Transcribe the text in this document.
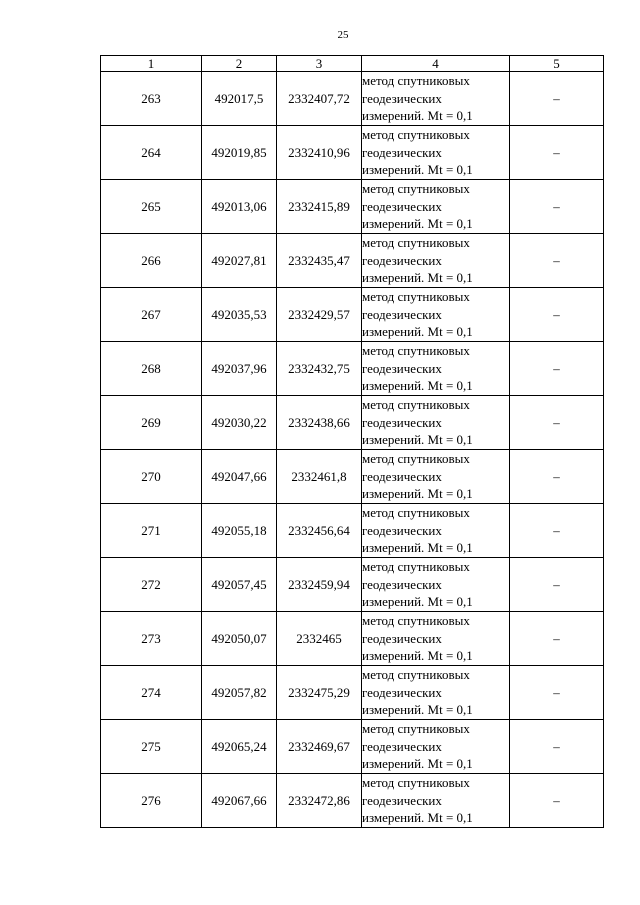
25
1	2	3	4	5
263	492017,5	2332407,72	метод спутниковых
геодезических
измерений. Mt = 0,1	–
264	492019,85	2332410,96	метод спутниковых
геодезических
измерений. Mt = 0,1	–
265	492013,06	2332415,89	метод спутниковых
геодезических
измерений. Mt = 0,1	–
266	492027,81	2332435,47	метод спутниковых
геодезических
измерений. Mt = 0,1	–
267	492035,53	2332429,57	метод спутниковых
геодезических
измерений. Mt = 0,1	–
268	492037,96	2332432,75	метод спутниковых
геодезических
измерений. Mt = 0,1	–
269	492030,22	2332438,66	метод спутниковых
геодезических
измерений. Mt = 0,1	–
270	492047,66	2332461,8	метод спутниковых
геодезических
измерений. Mt = 0,1	–
271	492055,18	2332456,64	метод спутниковых
геодезических
измерений. Mt = 0,1	–
272	492057,45	2332459,94	метод спутниковых
геодезических
измерений. Mt = 0,1	–
273	492050,07	2332465	метод спутниковых
геодезических
измерений. Mt = 0,1	–
274	492057,82	2332475,29	метод спутниковых
геодезических
измерений. Mt = 0,1	–
275	492065,24	2332469,67	метод спутниковых
геодезических
измерений. Mt = 0,1	–
276	492067,66	2332472,86	метод спутниковых
геодезических
измерений. Mt = 0,1	–
